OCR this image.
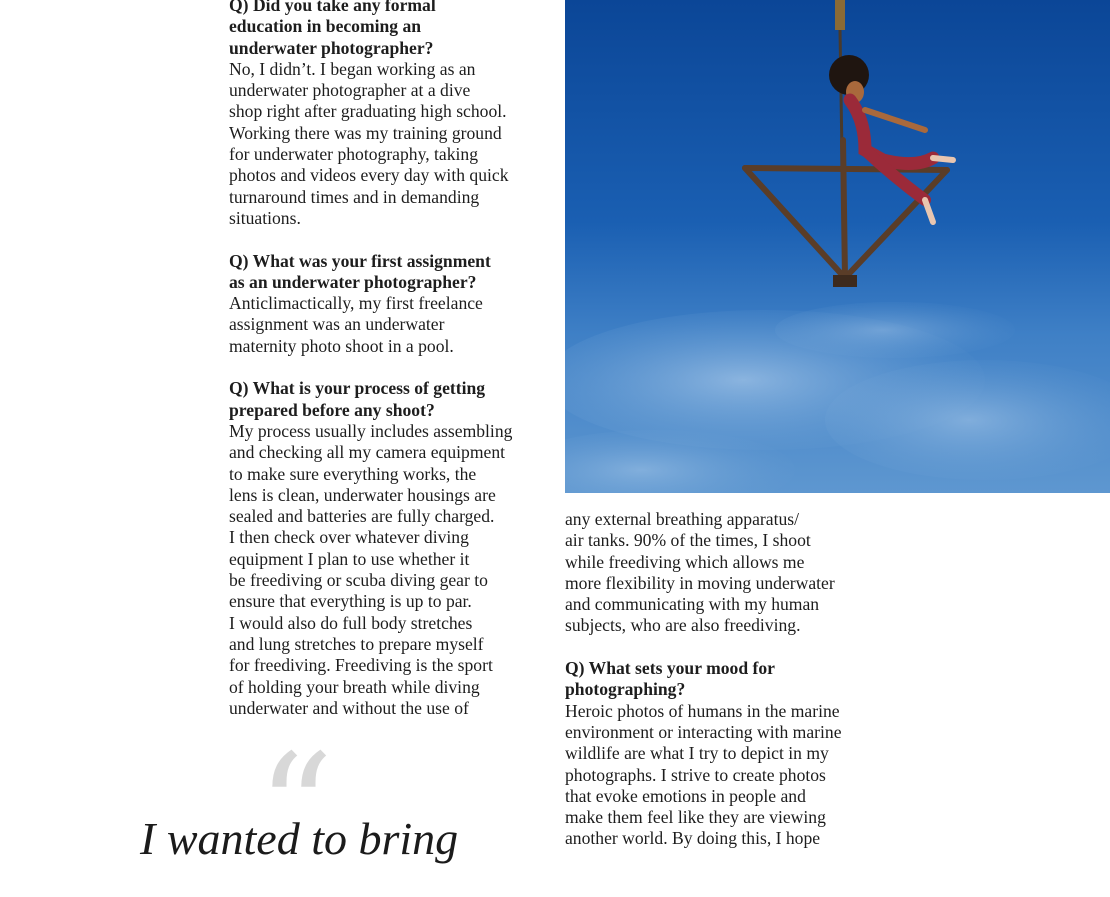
Q) Did you take any formal
education in becoming an
underwater photographer?
No, I didn’t. I began working as an
underwater photographer at a dive
shop right after graduating high school.
Working there was my training ground
for underwater photography, taking
photos and videos every day with quick
turnaround times and in demanding
situations.

Q) What was your first assignment
as an underwater photographer?
Anticlimactically, my first freelance
assignment was an underwater
maternity photo shoot in a pool.

Q) What is your process of getting
prepared before any shoot?
My process usually includes assembling
and checking all my camera equipment
to make sure everything works, the
lens is clean, underwater housings are
sealed and batteries are fully charged.
I then check over whatever diving
equipment I plan to use whether it
be freediving or scuba diving gear to
ensure that everything is up to par.
I would also do full body stretches
and lung stretches to prepare myself
for freediving. Freediving is the sport
of holding your breath while diving
underwater and without the use of
any external breathing apparatus/
air tanks. 90% of the times, I shoot
while freediving which allows me
more flexibility in moving underwater
and communicating with my human
subjects, who are also freediving.

Q) What sets your mood for
photographing?
Heroic photos of humans in the marine
environment or interacting with marine
wildlife are what I try to depict in my
photographs. I strive to create photos
that evoke emotions in people and
make them feel like they are viewing
another world. By doing this, I hope
“
I wanted to bring
